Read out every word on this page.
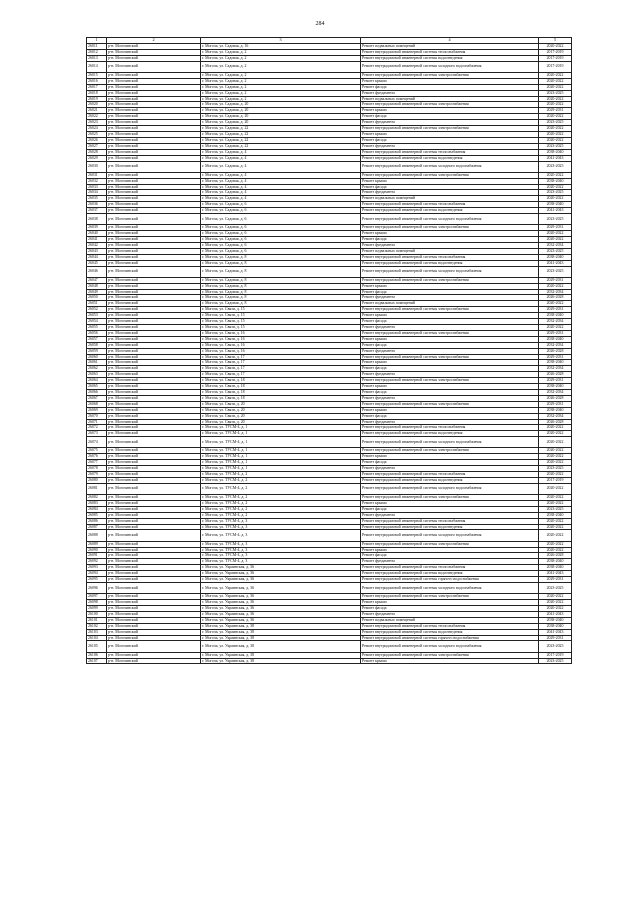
284
1	2	3	4	5
26011	р-н. Могочинский	г. Могоча, ул. Садовая, д. 16	Ремонт подвальных помещений	2020-2022
26012	р-н. Могочинский	г. Могоча, ул. Садовая, д. 2	Ремонт внутридомовой инженерной системы теплоснабжения	2017-2019
26013	р-н. Могочинский	г. Могоча, ул. Садовая, д. 2	Ремонт внутридомовой инженерной системы водоотведения	2017-2019
26014	р-н. Могочинский	г. Могоча, ул. Садовая, д. 2	Ремонт внутридомовой инженерной системы холодного водоснабжения	2017-2019
26015	р-н. Могочинский	г. Могоча, ул. Садовая, д. 2	Ремонт внутридомовой инженерной системы электроснабжения	2020-2022
26016	р-н. Могочинский	г. Могоча, ул. Садовая, д. 2	Ремонт крыши	2020-2022
26017	р-н. Могочинский	г. Могоча, ул. Садовая, д. 2	Ремонт фасада	2020-2022
26018	р-н. Могочинский	г. Могоча, ул. Садовая, д. 2	Ремонт фундамента	2023-2025
26019	р-н. Могочинский	г. Могоча, ул. Садовая, д. 2	Ремонт подвальных помещений	2020-2022
26020	р-н. Могочинский	г. Могоча, ул. Садовая, д. 20	Ремонт внутридомовой инженерной системы электроснабжения	2020-2022
26021	р-н. Могочинский	г. Могоча, ул. Садовая, д. 20	Ремонт крыши	2029-2031
26022	р-н. Могочинский	г. Могоча, ул. Садовая, д. 20	Ремонт фасада	2020-2022
26023	р-н. Могочинский	г. Могоча, ул. Садовая, д. 20	Ремонт фундамента	2023-2025
26024	р-н. Могочинский	г. Могоча, ул. Садовая, д. 22	Ремонт внутридомовой инженерной системы электроснабжения	2020-2022
26025	р-н. Могочинский	г. Могоча, ул. Садовая, д. 22	Ремонт крыши	2020-2022
26026	р-н. Могочинский	г. Могоча, ул. Садовая, д. 22	Ремонт фасада	2020-2022
26027	р-н. Могочинский	г. Могоча, ул. Садовая, д. 22	Ремонт фундамента	2023-2025
26028	р-н. Могочинский	г. Могоча, ул. Садовая, д. 4	Ремонт внутридомовой инженерной системы теплоснабжения	2038-2040
26029	р-н. Могочинский	г. Могоча, ул. Садовая, д. 4	Ремонт внутридомовой инженерной системы водоотведения	2041-2043
26030	р-н. Могочинский	г. Могоча, ул. Садовая, д. 4	Ремонт внутридомовой инженерной системы холодного водоснабжения	2023-2025
26031	р-н. Могочинский	г. Могоча, ул. Садовая, д. 4	Ремонт внутридомовой инженерной системы электроснабжения	2020-2022
26032	р-н. Могочинский	г. Могоча, ул. Садовая, д. 4	Ремонт крыши	2038-2040
26033	р-н. Могочинский	г. Могоча, ул. Садовая, д. 4	Ремонт фасада	2020-2022
26034	р-н. Могочинский	г. Могоча, ул. Садовая, д. 4	Ремонт фундамента	2023-2025
26035	р-н. Могочинский	г. Могоча, ул. Садовая, д. 4	Ремонт подвальных помещений	2020-2022
26036	р-н. Могочинский	г. Могоча, ул. Садовая, д. 6	Ремонт внутридомовой инженерной системы теплоснабжения	2038-2040
26037	р-н. Могочинский	г. Могоча, ул. Садовая, д. 6	Ремонт внутридомовой инженерной системы водоотведения	2041-2043
26038	р-н. Могочинский	г. Могоча, ул. Садовая, д. 6	Ремонт внутридомовой инженерной системы холодного водоснабжения	2023-2025
26039	р-н. Могочинский	г. Могоча, ул. Садовая, д. 6	Ремонт внутридомовой инженерной системы электроснабжения	2029-2031
26040	р-н. Могочинский	г. Могоча, ул. Садовая, д. 6	Ремонт крыши	2020-2022
26041	р-н. Могочинский	г. Могоча, ул. Садовая, д. 6	Ремонт фасада	2020-2022
26042	р-н. Могочинский	г. Могоча, ул. Садовая, д. 6	Ремонт фундамента	2032-2034
26043	р-н. Могочинский	г. Могоча, ул. Садовая, д. 6	Ремонт подвальных помещений	2023-2025
26044	р-н. Могочинский	г. Могоча, ул. Садовая, д. 8	Ремонт внутридомовой инженерной системы теплоснабжения	2038-2040
26045	р-н. Могочинский	г. Могоча, ул. Садовая, д. 8	Ремонт внутридомовой инженерной системы водоотведения	2041-2043
26046	р-н. Могочинский	г. Могоча, ул. Садовая, д. 8	Ремонт внутридомовой инженерной системы холодного водоснабжения	2023-2025
26047	р-н. Могочинский	г. Могоча, ул. Садовая, д. 8	Ремонт внутридомовой инженерной системы электроснабжения	2029-2031
26048	р-н. Могочинский	г. Могоча, ул. Садовая, д. 8	Ремонт крыши	2020-2022
26049	р-н. Могочинский	г. Могоча, ул. Садовая, д. 8	Ремонт фасада	2032-2034
26050	р-н. Могочинский	г. Могоча, ул. Садовая, д. 8	Ремонт фундамента	2026-2028
26051	р-н. Могочинский	г. Могоча, ул. Садовая, д. 8	Ремонт подвальных помещений	2020-2022
26052	р-н. Могочинский	г. Могоча, ул. Связи, д. 15	Ремонт внутридомовой инженерной системы электроснабжения	2029-2031
26053	р-н. Могочинский	г. Могоча, ул. Связи, д. 15	Ремонт крыши	2038-2040
26054	р-н. Могочинский	г. Могоча, ул. Связи, д. 15	Ремонт фасада	2032-2034
26055	р-н. Могочинский	г. Могоча, ул. Связи, д. 15	Ремонт фундамента	2020-2022
26056	р-н. Могочинский	г. Могоча, ул. Связи, д. 16	Ремонт внутридомовой инженерной системы электроснабжения	2029-2031
26057	р-н. Могочинский	г. Могоча, ул. Связи, д. 16	Ремонт крыши	2038-2040
26058	р-н. Могочинский	г. Могоча, ул. Связи, д. 16	Ремонт фасада	2032-2034
26059	р-н. Могочинский	г. Могоча, ул. Связи, д. 16	Ремонт фундамента	2026-2028
26060	р-н. Могочинский	г. Могоча, ул. Связи, д. 17	Ремонт внутридомовой инженерной системы электроснабжения	2029-2031
26061	р-н. Могочинский	г. Могоча, ул. Связи, д. 17	Ремонт крыши	2038-2040
26062	р-н. Могочинский	г. Могоча, ул. Связи, д. 17	Ремонт фасада	2032-2034
26063	р-н. Могочинский	г. Могоча, ул. Связи, д. 17	Ремонт фундамента	2026-2028
26064	р-н. Могочинский	г. Могоча, ул. Связи, д. 18	Ремонт внутридомовой инженерной системы электроснабжения	2029-2031
26065	р-н. Могочинский	г. Могоча, ул. Связи, д. 18	Ремонт крыши	2038-2040
26066	р-н. Могочинский	г. Могоча, ул. Связи, д. 18	Ремонт фасада	2032-2034
26067	р-н. Могочинский	г. Могоча, ул. Связи, д. 18	Ремонт фундамента	2026-2028
26068	р-н. Могочинский	г. Могоча, ул. Связи, д. 20	Ремонт внутридомовой инженерной системы электроснабжения	2029-2031
26069	р-н. Могочинский	г. Могоча, ул. Связи, д. 20	Ремонт крыши	2038-2040
26070	р-н. Могочинский	г. Могоча, ул. Связи, д. 20	Ремонт фасада	2032-2034
26071	р-н. Могочинский	г. Могоча, ул. Связи, д. 20	Ремонт фундамента	2026-2028
26072	р-н. Могочинский	г. Могоча, ул. ТУСМ-4, д. 1	Ремонт внутридомовой инженерной системы теплоснабжения	2020-2022
26073	р-н. Могочинский	г. Могоча, ул. ТУСМ-4, д. 1	Ремонт внутридомовой инженерной системы водоотведения	2020-2022
26074	р-н. Могочинский	г. Могоча, ул. ТУСМ-4, д. 1	Ремонт внутридомовой инженерной системы холодного водоснабжения	2020-2022
26075	р-н. Могочинский	г. Могоча, ул. ТУСМ-4, д. 1	Ремонт внутридомовой инженерной системы электроснабжения	2020-2022
26076	р-н. Могочинский	г. Могоча, ул. ТУСМ-4, д. 1	Ремонт крыши	2020-2022
26077	р-н. Могочинский	г. Могоча, ул. ТУСМ-4, д. 1	Ремонт фасада	2020-2022
26078	р-н. Могочинский	г. Могоча, ул. ТУСМ-4, д. 1	Ремонт фундамента	2023-2025
26079	р-н. Могочинский	г. Могоча, ул. ТУСМ-4, д. 2	Ремонт внутридомовой инженерной системы теплоснабжения	2020-2022
26080	р-н. Могочинский	г. Могоча, ул. ТУСМ-4, д. 2	Ремонт внутридомовой инженерной системы водоотведения	2017-2019
26081	р-н. Могочинский	г. Могоча, ул. ТУСМ-4, д. 2	Ремонт внутридомовой инженерной системы холодного водоснабжения	2020-2022
26082	р-н. Могочинский	г. Могоча, ул. ТУСМ-4, д. 2	Ремонт внутридомовой инженерной системы электроснабжения	2020-2022
26083	р-н. Могочинский	г. Могоча, ул. ТУСМ-4, д. 2	Ремонт крыши	2020-2022
26084	р-н. Могочинский	г. Могоча, ул. ТУСМ-4, д. 2	Ремонт фасада	2023-2025
26085	р-н. Могочинский	г. Могоча, ул. ТУСМ-4, д. 2	Ремонт фундамента	2038-2040
26086	р-н. Могочинский	г. Могоча, ул. ТУСМ-4, д. 3	Ремонт внутридомовой инженерной системы теплоснабжения	2020-2022
26087	р-н. Могочинский	г. Могоча, ул. ТУСМ-4, д. 3	Ремонт внутридомовой инженерной системы водоотведения	2020-2022
26088	р-н. Могочинский	г. Могоча, ул. ТУСМ-4, д. 3	Ремонт внутридомовой инженерной системы холодного водоснабжения	2020-2022
26089	р-н. Могочинский	г. Могоча, ул. ТУСМ-4, д. 3	Ремонт внутридомовой инженерной системы электроснабжения	2020-2022
26090	р-н. Могочинский	г. Могоча, ул. ТУСМ-4, д. 3	Ремонт крыши	2020-2022
26091	р-н. Могочинский	г. Могоча, ул. ТУСМ-4, д. 3	Ремонт фасада	2026-2028
26092	р-н. Могочинский	г. Могоча, ул. ТУСМ-4, д. 3	Ремонт фундамента	2038-2040
26093	р-н. Могочинский	г. Могоча, ул. Украинская, д. 36	Ремонт внутридомовой инженерной системы теплоснабжения	2038-2040
26094	р-н. Могочинский	г. Могоча, ул. Украинская, д. 36	Ремонт внутридомовой инженерной системы водоотведения	2041-2043
26095	р-н. Могочинский	г. Могоча, ул. Украинская, д. 36	Ремонт внутридомовой инженерной системы горячего водоснабжения	2029-2031
26096	р-н. Могочинский	г. Могоча, ул. Украинская, д. 36	Ремонт внутридомовой инженерной системы холодного водоснабжения	2023-2025
26097	р-н. Могочинский	г. Могоча, ул. Украинская, д. 36	Ремонт внутридомовой инженерной системы электроснабжения	2020-2022
26098	р-н. Могочинский	г. Могоча, ул. Украинская, д. 36	Ремонт крыши	2020-2022
26099	р-н. Могочинский	г. Могоча, ул. Украинская, д. 36	Ремонт фасада	2020-2022
26100	р-н. Могочинский	г. Могоча, ул. Украинская, д. 36	Ремонт фундамента	2041-2043
26101	р-н. Могочинский	г. Могоча, ул. Украинская, д. 36	Ремонт подвальных помещений	2038-2040
26102	р-н. Могочинский	г. Могоча, ул. Украинская, д. 38	Ремонт внутридомовой инженерной системы теплоснабжения	2038-2040
26103	р-н. Могочинский	г. Могоча, ул. Украинская, д. 38	Ремонт внутридомовой инженерной системы водоотведения	2041-2043
26104	р-н. Могочинский	г. Могоча, ул. Украинская, д. 38	Ремонт внутридомовой инженерной системы горячего водоснабжения	2029-2031
26105	р-н. Могочинский	г. Могоча, ул. Украинская, д. 38	Ремонт внутридомовой инженерной системы холодного водоснабжения	2023-2025
26106	р-н. Могочинский	г. Могоча, ул. Украинская, д. 38	Ремонт внутридомовой инженерной системы электроснабжения	2017-2019
26107	р-н. Могочинский	г. Могоча, ул. Украинская, д. 38	Ремонт крыши	2023-2025
